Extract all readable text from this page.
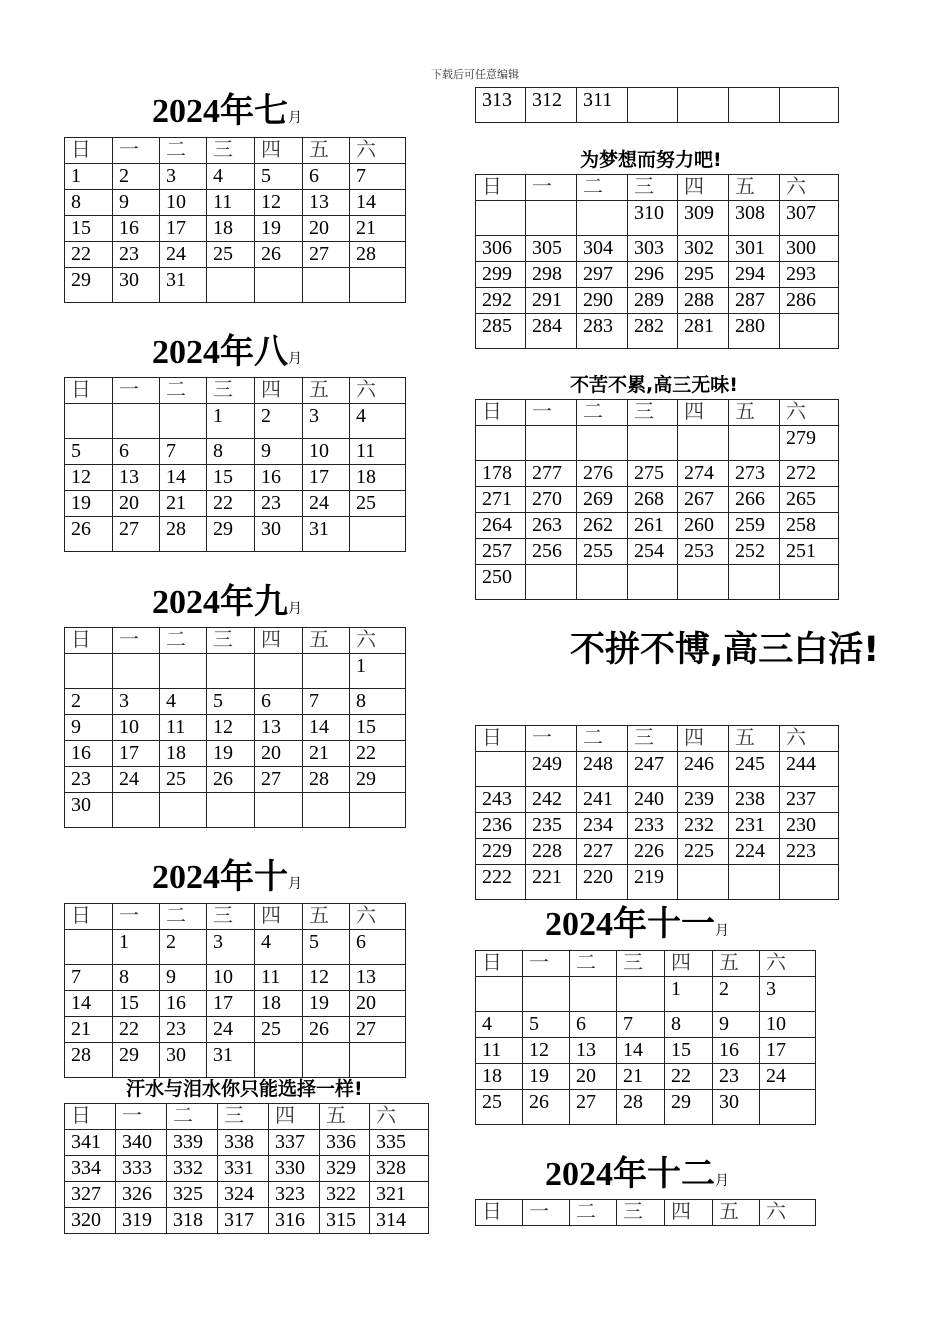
下载后可任意编辑
2024年七月
日	一	二	三	四	五	六
1	2	3	4	5	6	7
8	9	10	11	12	13	14
15	16	17	18	19	20	21
22	23	24	25	26	27	28
29	30	31				
2024年八月
日	一	二	三	四	五	六
			1	2	3	4
5	6	7	8	9	10	11
12	13	14	15	16	17	18
19	20	21	22	23	24	25
26	27	28	29	30	31	
2024年九月
日	一	二	三	四	五	六
						1
2	3	4	5	6	7	8
9	10	11	12	13	14	15
16	17	18	19	20	21	22
23	24	25	26	27	28	29
30						
2024年十月
日	一	二	三	四	五	六
	1	2	3	4	5	6
7	8	9	10	11	12	13
14	15	16	17	18	19	20
21	22	23	24	25	26	27
28	29	30	31			
汗水与泪水你只能选择一样!
日	一	二	三	四	五	六
341	340	339	338	337	336	335
334	333	332	331	330	329	328
327	326	325	324	323	322	321
320	319	318	317	316	315	314
313	312	311				
为梦想而努力吧!
日	一	二	三	四	五	六
			310	309	308	307
306	305	304	303	302	301	300
299	298	297	296	295	294	293
292	291	290	289	288	287	286
285	284	283	282	281	280	
不苦不累,高三无味!
日	一	二	三	四	五	六
						279
178	277	276	275	274	273	272
271	270	269	268	267	266	265
264	263	262	261	260	259	258
257	256	255	254	253	252	251
250						
不拼不博,高三白活!
日	一	二	三	四	五	六
	249	248	247	246	245	244
243	242	241	240	239	238	237
236	235	234	233	232	231	230
229	228	227	226	225	224	223
222	221	220	219			
2024年十一月
日	一	二	三	四	五	六
				1	2	3
4	5	6	7	8	9	10
11	12	13	14	15	16	17
18	19	20	21	22	23	24
25	26	27	28	29	30	
2024年十二月
日	一	二	三	四	五	六
